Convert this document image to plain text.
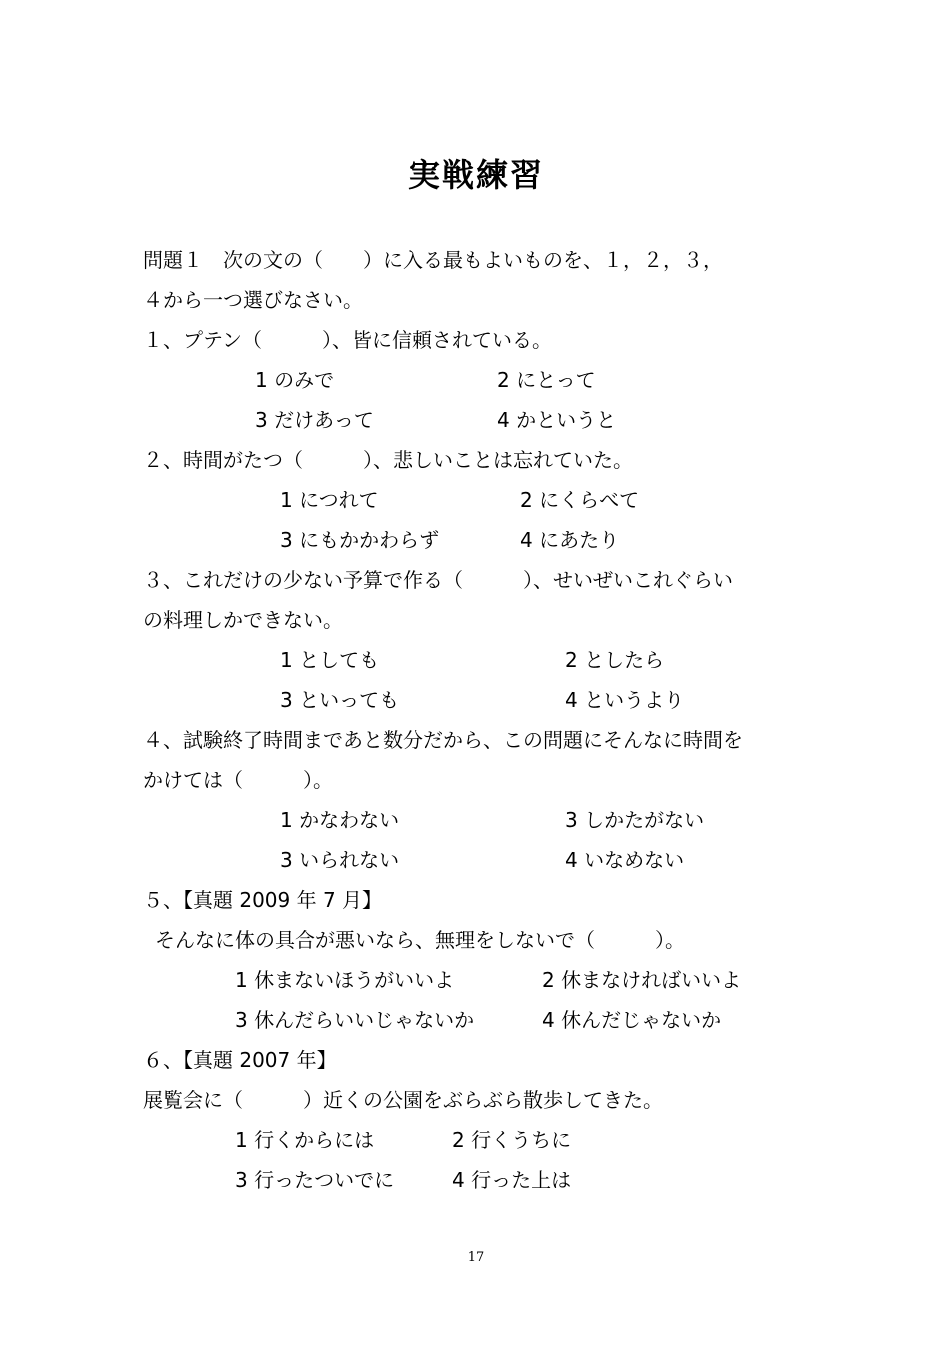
実戦練習
問題１　次の文の（　　）に入る最もよいものを、１，２，３，
４から一つ選びなさい。
１、プテン（　　　）、皆に信頼されている。
1 のみで	2 にとって
3 だけあって	4 かというと
２、時間がたつ（　　　）、悲しいことは忘れていた。
1 につれて	2 にくらべて
3 にもかかわらず	4 にあたり
３、これだけの少ない予算で作る（　　　）、せいぜいこれぐらい
の料理しかできない。
1 としても	2 としたら
3 といっても	4 というより
４、試験終了時間まであと数分だから、この問題にそんなに時間を
かけては（　　　）。
1 かなわない	3 しかたがない
3 いられない	4 いなめない
５、【真題 2009 年 7 月】
そんなに体の具合が悪いなら、無理をしないで（　　　）。
1 休まないほうがいいよ	2 休まなければいいよ
3 休んだらいいじゃないか	4 休んだじゃないか
６、【真題 2007 年】
展覧会に（　　　）近くの公園をぶらぶら散歩してきた。
1 行くからには	2 行くうちに
3 行ったついでに	4 行った上は
17
